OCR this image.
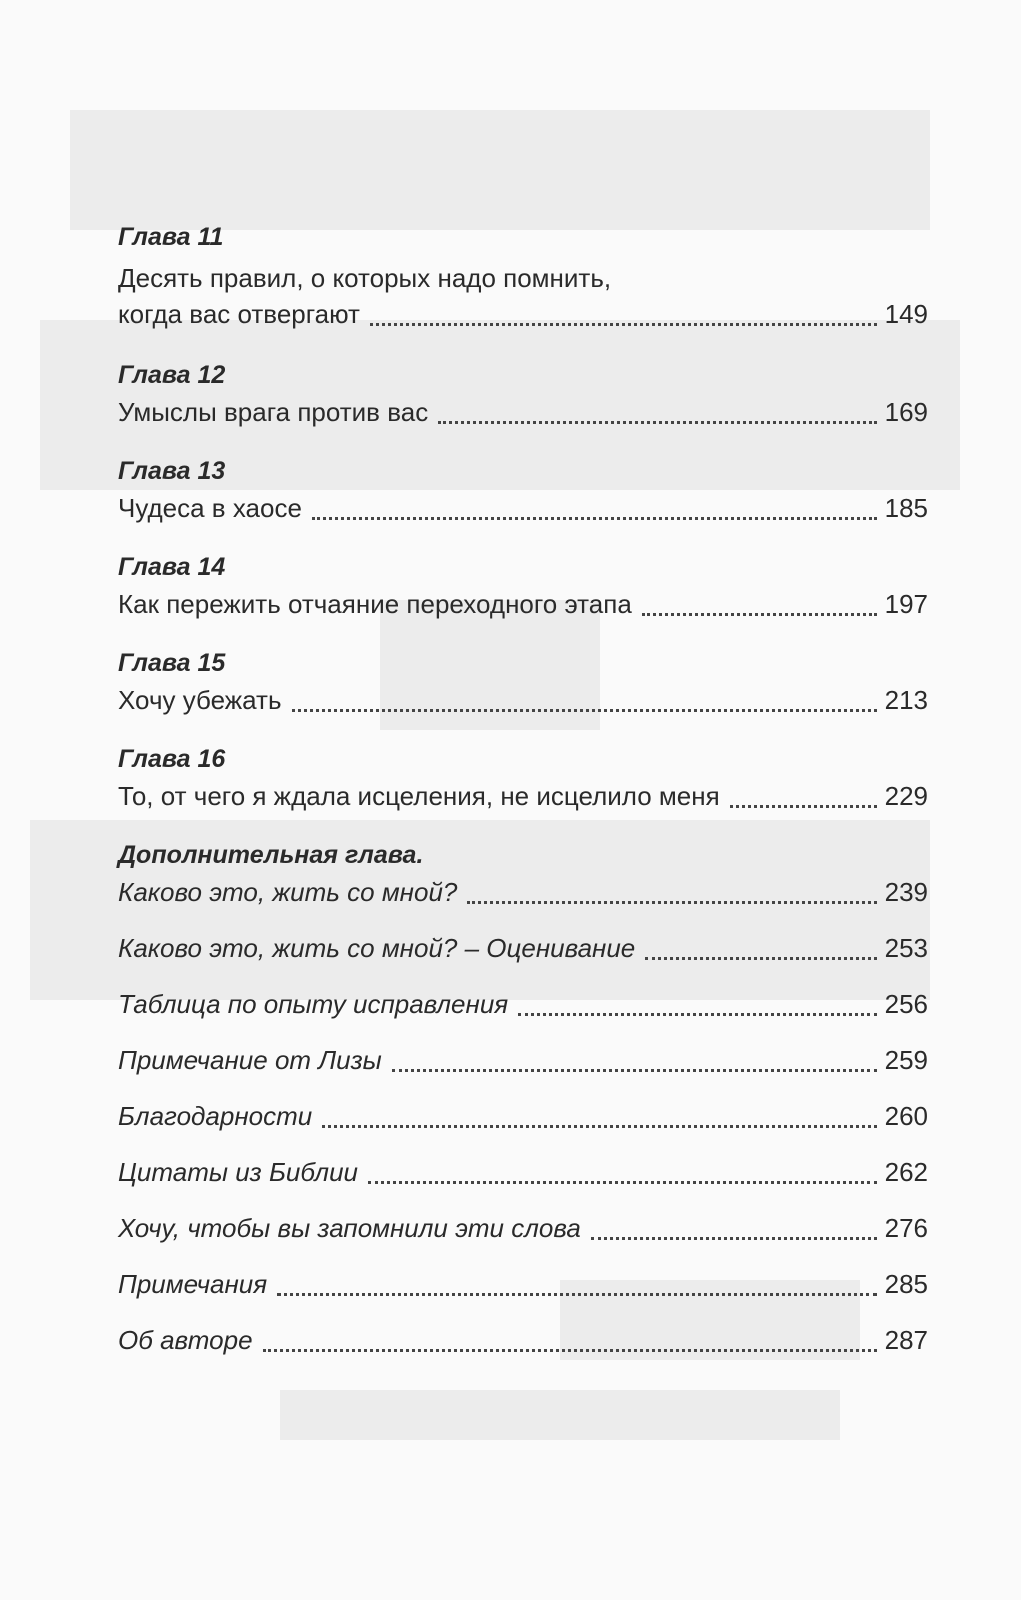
Глава 11
Десять правил, о которых надо помнить,
когда вас отвергают	149
Глава 12
Умыслы врага против вас	169
Глава 13
Чудеса в хаосе	185
Глава 14
Как пережить отчаяние переходного этапа	197
Глава 15
Хочу убежать	213
Глава 16
То, от чего я ждала исцеления, не исцелило меня	229
Дополнительная глава.
Каково это, жить со мной?	239
Каково это, жить со мной? – Оценивание	253
Таблица по опыту исправления	256
Примечание от Лизы	259
Благодарности	260
Цитаты из Библии	262
Хочу, чтобы вы запомнили эти слова	276
Примечания	285
Об авторе	287
